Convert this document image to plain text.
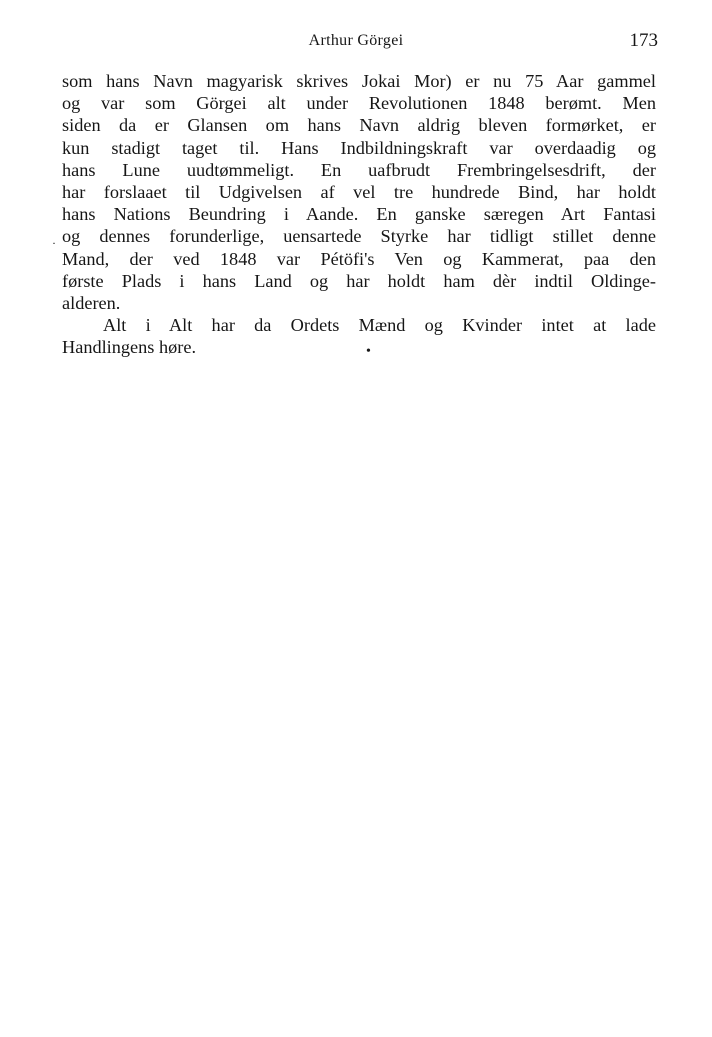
Arthur Görgei	173
som hans Navn magyarisk skrives Jokai Mor) er nu 75 Aar gammel
og var som Görgei alt under Revolutionen 1848 berømt. Men
siden da er Glansen om hans Navn aldrig bleven formørket, er
kun stadigt taget til. Hans Indbildningskraft var overdaadig og
hans Lune uudtømmeligt. En uafbrudt Frembringelsesdrift, der
har forslaaet til Udgivelsen af vel tre hundrede Bind, har holdt
hans Nations Beundring i Aande. En ganske særegen Art Fantasi
og dennes forunderlige, uensartede Styrke har tidligt stillet denne
Mand, der ved 1848 var Pétöfi's Ven og Kammerat, paa den
første Plads i hans Land og har holdt ham dèr indtil Oldinge-
alderen.
Alt i Alt har da Ordets Mænd og Kvinder intet at lade
Handlingens høre.	•
·
